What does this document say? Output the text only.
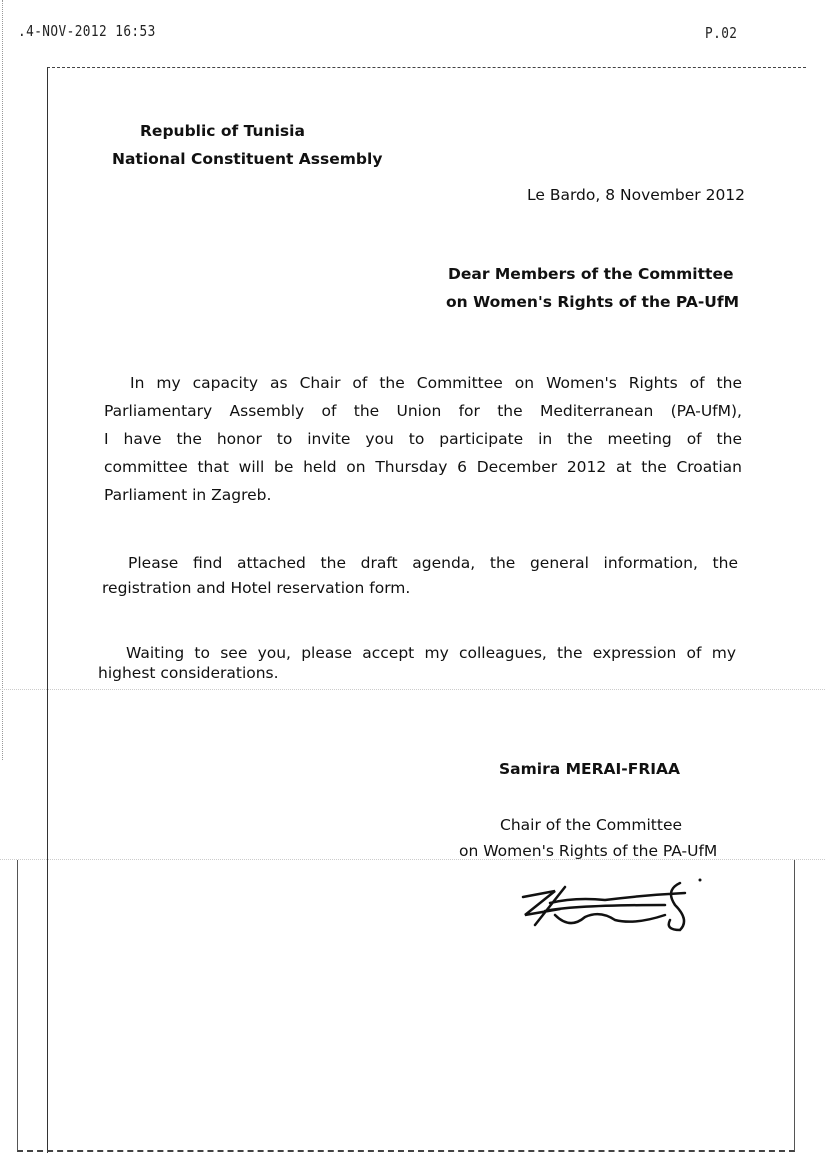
.4-NOV-2012 16:53	P.02
Republic of Tunisia
National Constituent Assembly
Le Bardo, 8 November 2012
Dear Members of the Committee
on Women's Rights of the PA-UfM
In my capacity as Chair of the Committee on Women's Rights of the
Parliamentary Assembly of the Union for the Mediterranean (PA-UfM),
I have the honor to invite you to participate in the meeting of the
committee that will be held on Thursday 6 December 2012 at the Croatian
Parliament in Zagreb.
Please find attached the draft agenda, the general information, the
registration and Hotel reservation form.
Waiting to see you, please accept my colleagues, the expression of my
highest considerations.
Samira MERAI-FRIAA
Chair of the Committee
on Women's Rights of the PA-UfM
